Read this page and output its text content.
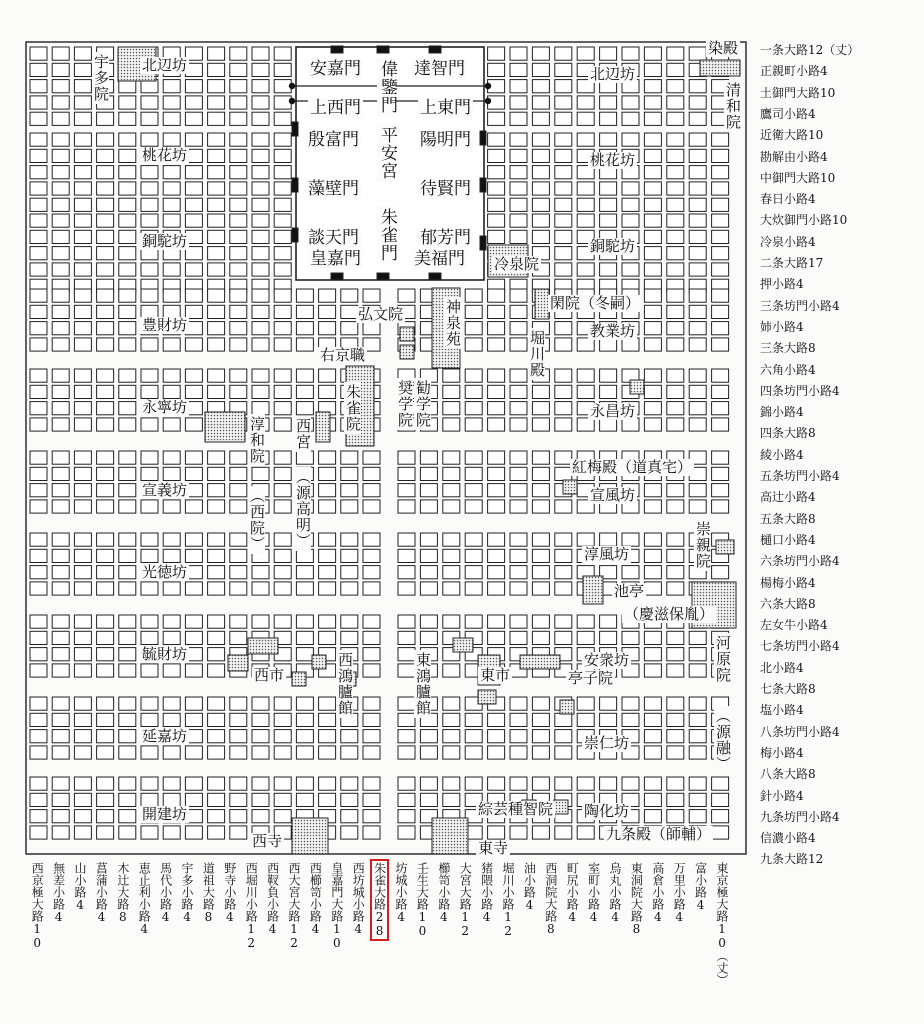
安嘉門 偉鑒門 達智門
上西門	上東門
殷富門	陽明門
藻壁門	待賢門
談天門	郁芳門
平安宮
皇嘉門 朱雀門 美福門
北辺坊
桃花坊
銅駝坊
豊財坊
永寧坊
宣義坊
光徳坊
毓財坊
延嘉坊
開建坊
北辺坊
桃花坊
銅駝坊
教業坊
永昌坊
宣風坊
淳風坊
安衆坊
崇仁坊
陶化坊
宇多院
清和院
染殿
冷泉院
弘文院	神泉苑	閑院（冬嗣）
右京職	堀川殿
朱雀院 奨学院 勧学院
淳和院
（西院）
西宮
（源高明）
紅梅殿（道真宅）
崇親院
池亭
（慶滋保胤）
河原院
（源融）
西市	東市
西鴻臚館	東鴻臚館	亭子院
綜芸種智院
東寺
西寺	九条殿（師輔）
一条大路12（丈）
正親町小路4
土御門大路10
鷹司小路4
近衛大路10
勘解由小路4
中御門大路10
春日小路4
大炊御門小路10
冷泉小路4
二条大路17
押小路4
三条坊門小路4
姉小路4
三条大路8
六角小路4
四条坊門小路4
錦小路4
四条大路8
綾小路4
五条坊門小路4
高辻小路4
五条大路8
樋口小路4
六条坊門小路4
楊梅小路4
六条大路8
左女牛小路4
七条坊門小路4
北小路4
七条大路8
塩小路4
八条坊門小路4
梅小路4
八条大路8
針小路4
九条坊門小路4
信濃小路4
九条大路12
西京極大路10 無差小路4 山小路4 菖蒲小路4 木辻大路8 恵止利小路4 馬代小路4 宇多小路4 道祖大路8 野寺小路4 西堀川小路12 西靫負小路4 西大宮大路12 西櫛笥小路4 皇嘉門大路10 西坊城小路4 朱雀大路28 坊城小路4 壬生大路10 櫛笥小路4 大宮大路12 猪隈小路4 堀川小路12 油小路4 西洞院大路8 町尻小路4 室町小路4 烏丸小路4 東洞院大路8 高倉小路4 万里小路4 富小路4 東京極大路10（丈）
